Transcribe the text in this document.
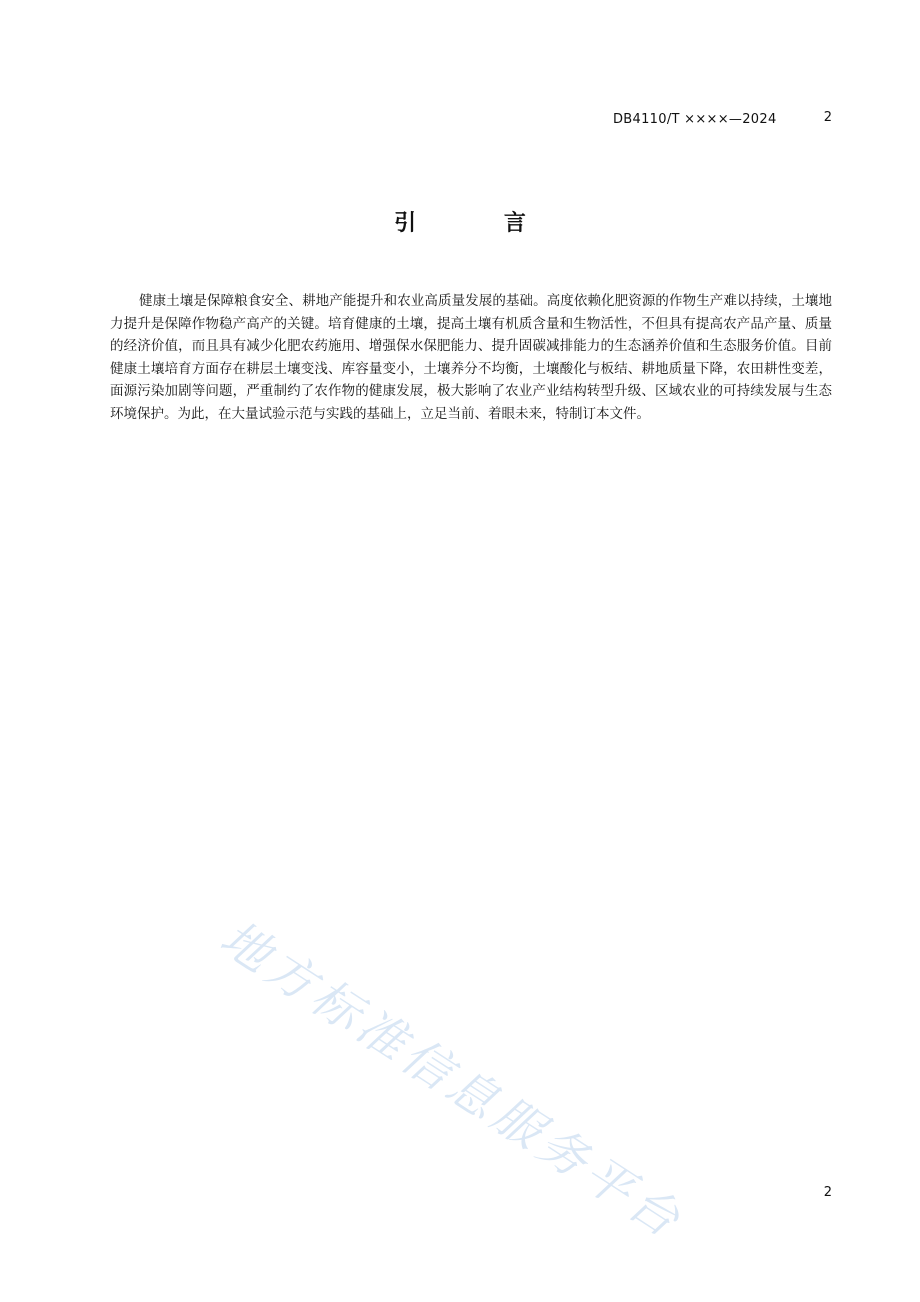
DB4110/T ××××—2024	2
引 言

健康土壤是保障粮食安全、耕地产能提升和农业高质量发展的基础。高度依赖化肥资源的作物生产难以持续，土壤地力提升是保障作物稳产高产的关键。培育健康的土壤，提高土壤有机质含量和生物活性，不但具有提高农产品产量、质量的经济价值，而且具有减少化肥农药施用、增强保水保肥能力、提升固碳减排能力的生态涵养价值和生态服务价值。目前健康土壤培育方面存在耕层土壤变浅、库容量变小，土壤养分不均衡，土壤酸化与板结、耕地质量下降，农田耕性变差，面源污染加剧等问题，严重制约了农作物的健康发展，极大影响了农业产业结构转型升级、区域农业的可持续发展与生态环境保护。为此，在大量试验示范与实践的基础上，立足当前、着眼未来，特制订本文件。

地方标准信息服务平台	2
